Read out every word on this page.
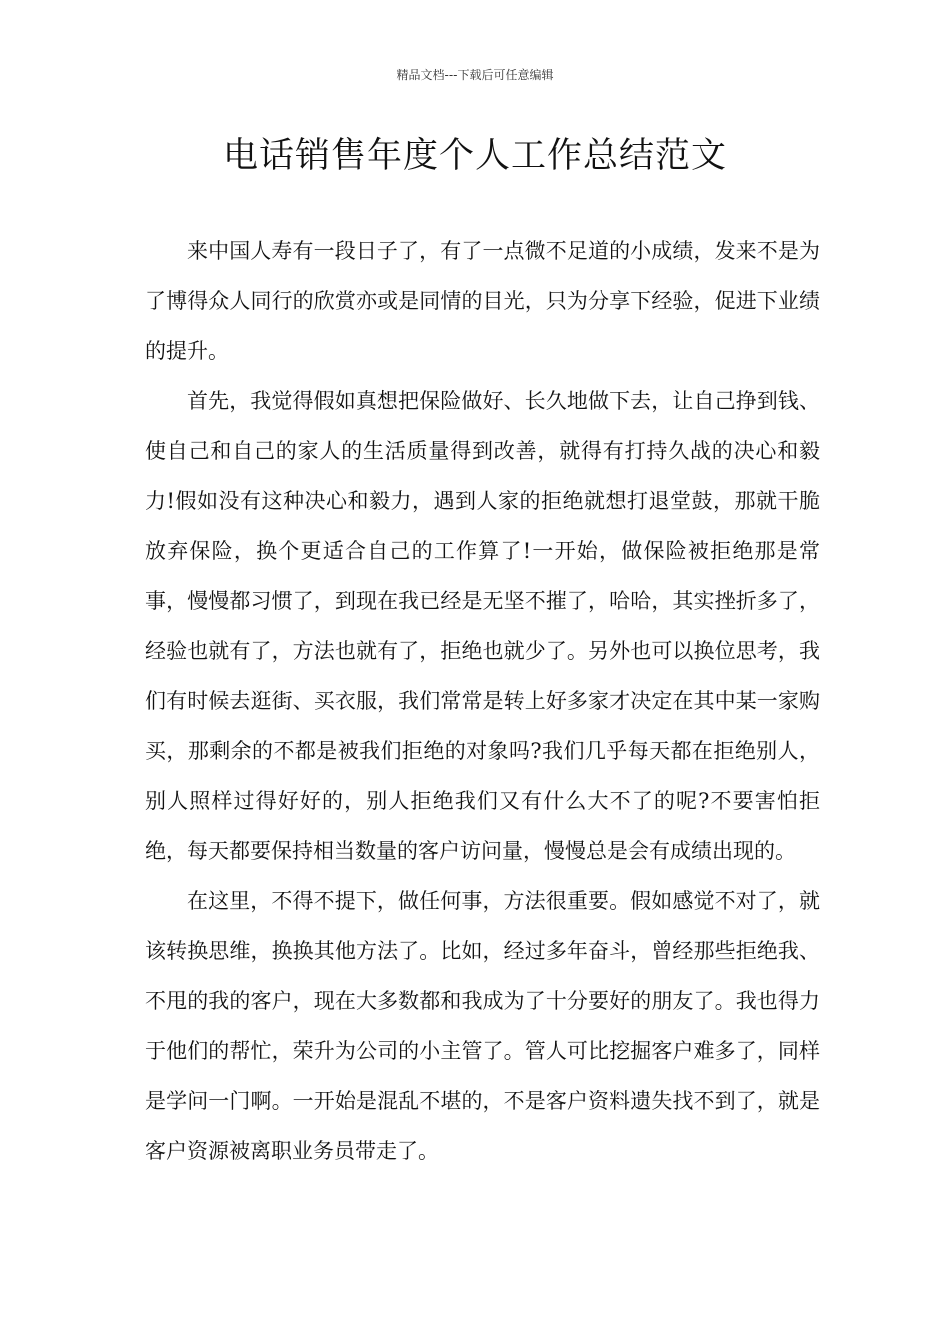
精品文档---下载后可任意编辑
电话销售年度个人工作总结范文

来中国人寿有一段日子了，有了一点微不足道的小成绩，发来不是为了博得众人同行的欣赏亦或是同情的目光，只为分享下经验，促进下业绩的提升。

首先，我觉得假如真想把保险做好、长久地做下去，让自己挣到钱、使自己和自己的家人的生活质量得到改善，就得有打持久战的决心和毅力!假如没有这种决心和毅力，遇到人家的拒绝就想打退堂鼓，那就干脆放弃保险，换个更适合自己的工作算了!一开始，做保险被拒绝那是常事，慢慢都习惯了，到现在我已经是无坚不摧了，哈哈，其实挫折多了，经验也就有了，方法也就有了，拒绝也就少了。另外也可以换位思考，我们有时候去逛街、买衣服，我们常常是转上好多家才决定在其中某一家购买，那剩余的不都是被我们拒绝的对象吗?我们几乎每天都在拒绝别人，别人照样过得好好的，别人拒绝我们又有什么大不了的呢?不要害怕拒绝，每天都要保持相当数量的客户访问量，慢慢总是会有成绩出现的。

在这里，不得不提下，做任何事，方法很重要。假如感觉不对了，就该转换思维，换换其他方法了。比如，经过多年奋斗，曾经那些拒绝我、不甩的我的客户，现在大多数都和我成为了十分要好的朋友了。我也得力于他们的帮忙，荣升为公司的小主管了。管人可比挖掘客户难多了，同样是学问一门啊。一开始是混乱不堪的，不是客户资料遗失找不到了，就是客户资源被离职业务员带走了。
